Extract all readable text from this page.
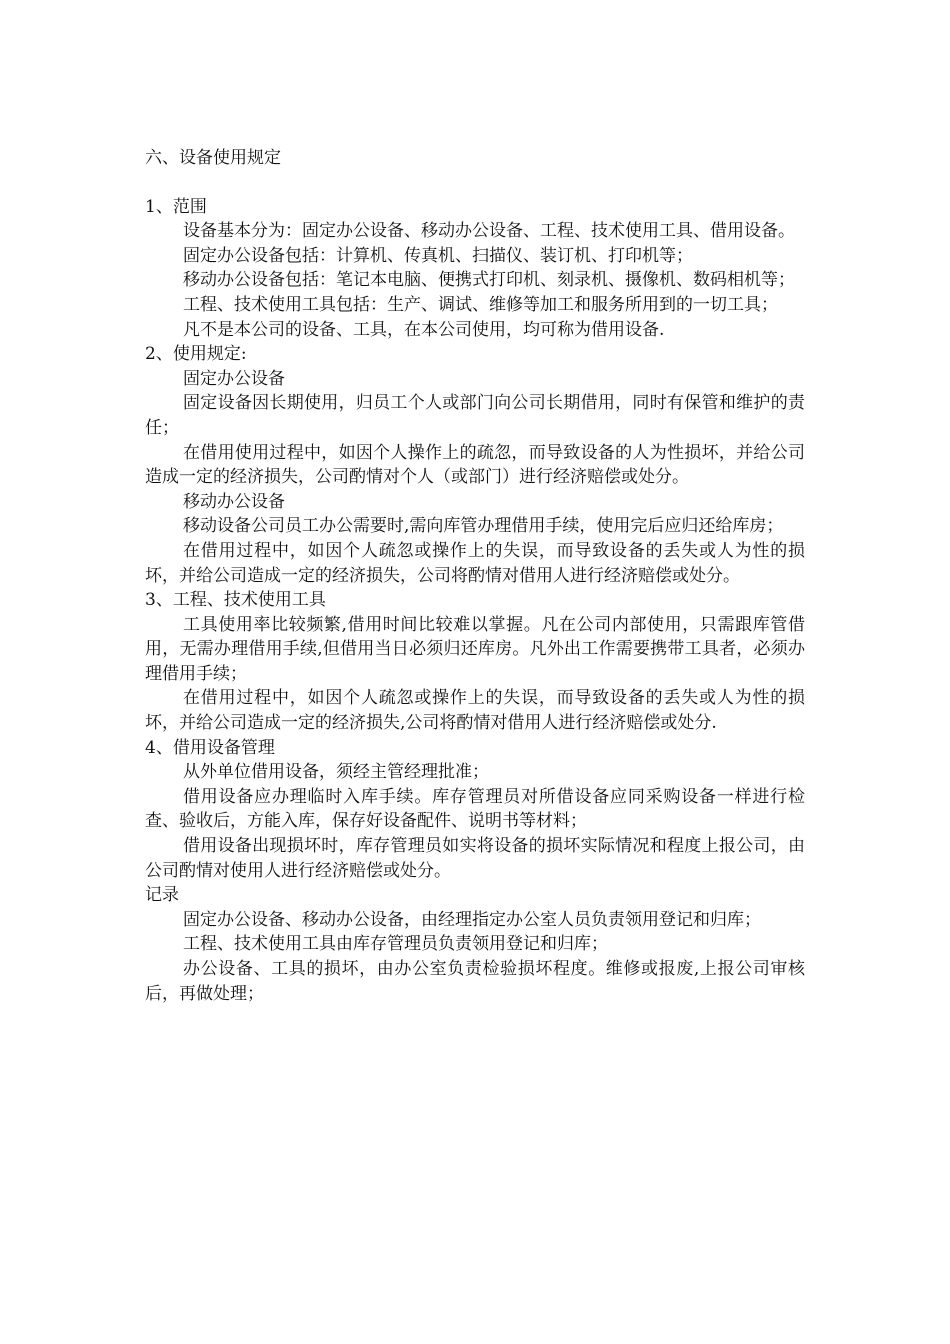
六、设备使用规定
1、范围
设备基本分为：固定办公设备、移动办公设备、工程、技术使用工具、借用设备。
固定办公设备包括：计算机、传真机、扫描仪、装订机、打印机等；
移动办公设备包括：笔记本电脑、便携式打印机、刻录机、摄像机、数码相机等；
工程、技术使用工具包括：生产、调试、维修等加工和服务所用到的一切工具；
凡不是本公司的设备、工具，在本公司使用，均可称为借用设备.
2、使用规定:
固定办公设备
固定设备因长期使用，归员工个人或部门向公司长期借用，同时有保管和维护的责任；
在借用使用过程中，如因个人操作上的疏忽，而导致设备的人为性损坏，并给公司造成一定的经济损失，公司酌情对个人（或部门）进行经济赔偿或处分。
移动办公设备
移动设备公司员工办公需要时,需向库管办理借用手续，使用完后应归还给库房；
在借用过程中，如因个人疏忽或操作上的失误，而导致设备的丢失或人为性的损坏，并给公司造成一定的经济损失，公司将酌情对借用人进行经济赔偿或处分。
3、工程、技术使用工具
工具使用率比较频繁,借用时间比较难以掌握。凡在公司内部使用，只需跟库管借用，无需办理借用手续,但借用当日必须归还库房。凡外出工作需要携带工具者，必须办理借用手续；
在借用过程中，如因个人疏忽或操作上的失误，而导致设备的丢失或人为性的损坏，并给公司造成一定的经济损失,公司将酌情对借用人进行经济赔偿或处分.
4、借用设备管理
从外单位借用设备，须经主管经理批准；
借用设备应办理临时入库手续。库存管理员对所借设备应同采购设备一样进行检查、验收后，方能入库，保存好设备配件、说明书等材料；
借用设备出现损坏时，库存管理员如实将设备的损坏实际情况和程度上报公司，由公司酌情对使用人进行经济赔偿或处分。
记录
固定办公设备、移动办公设备，由经理指定办公室人员负责领用登记和归库；
工程、技术使用工具由库存管理员负责领用登记和归库；
办公设备、工具的损坏，由办公室负责检验损坏程度。维修或报废,上报公司审核后，再做处理；
